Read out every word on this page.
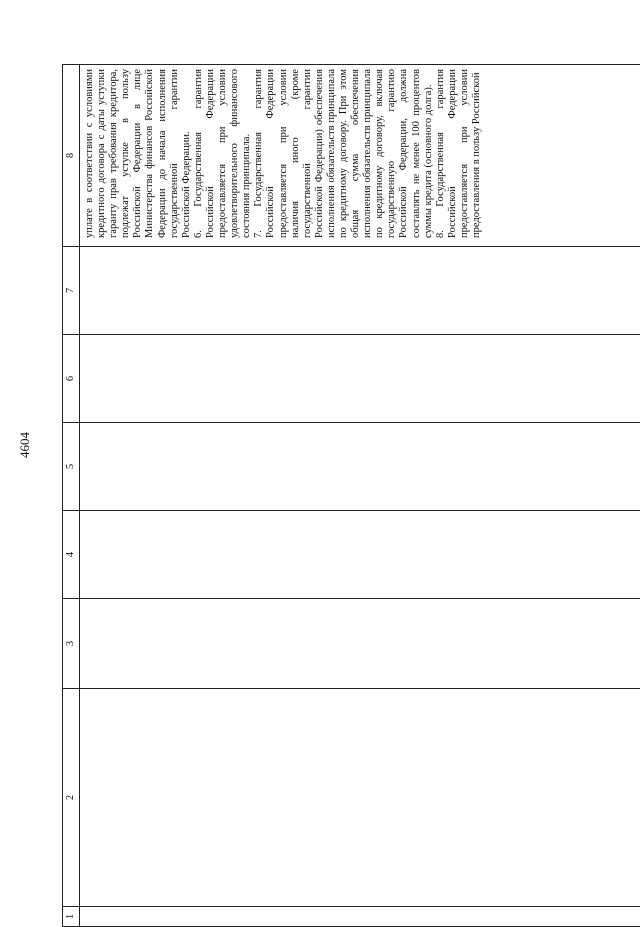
4604
1	2	3	4	5	6	7	8

							уплате в соответствии с условиями кредитного договора с даты уступки гаранту прав требования кредитора, подлежат уступке в пользу Российской Федерации в лице Министерства финансов Российской Федерации до начала исполнения государственной гарантии Российской Федерации. 6. Государственная гарантия Российской Федерации предоставляется при условии удовлетворительного финансового состояния принципала. 7. Государственная гарантия Российской Федерации предоставляется при условии наличия иного (кроме государственной гарантии Российской Федерации) обеспечения исполнения обязательств принципала по кредитному договору. При этом общая сумма обеспечения исполнения обязательств принципала по кредитному договору, включая государственную гарантию Российской Федерации, должна составлять не менее 100 процентов суммы кредита (основного долга). 8. Государственная гарантия Российской Федерации предоставляется при условии предоставления в пользу Российской
